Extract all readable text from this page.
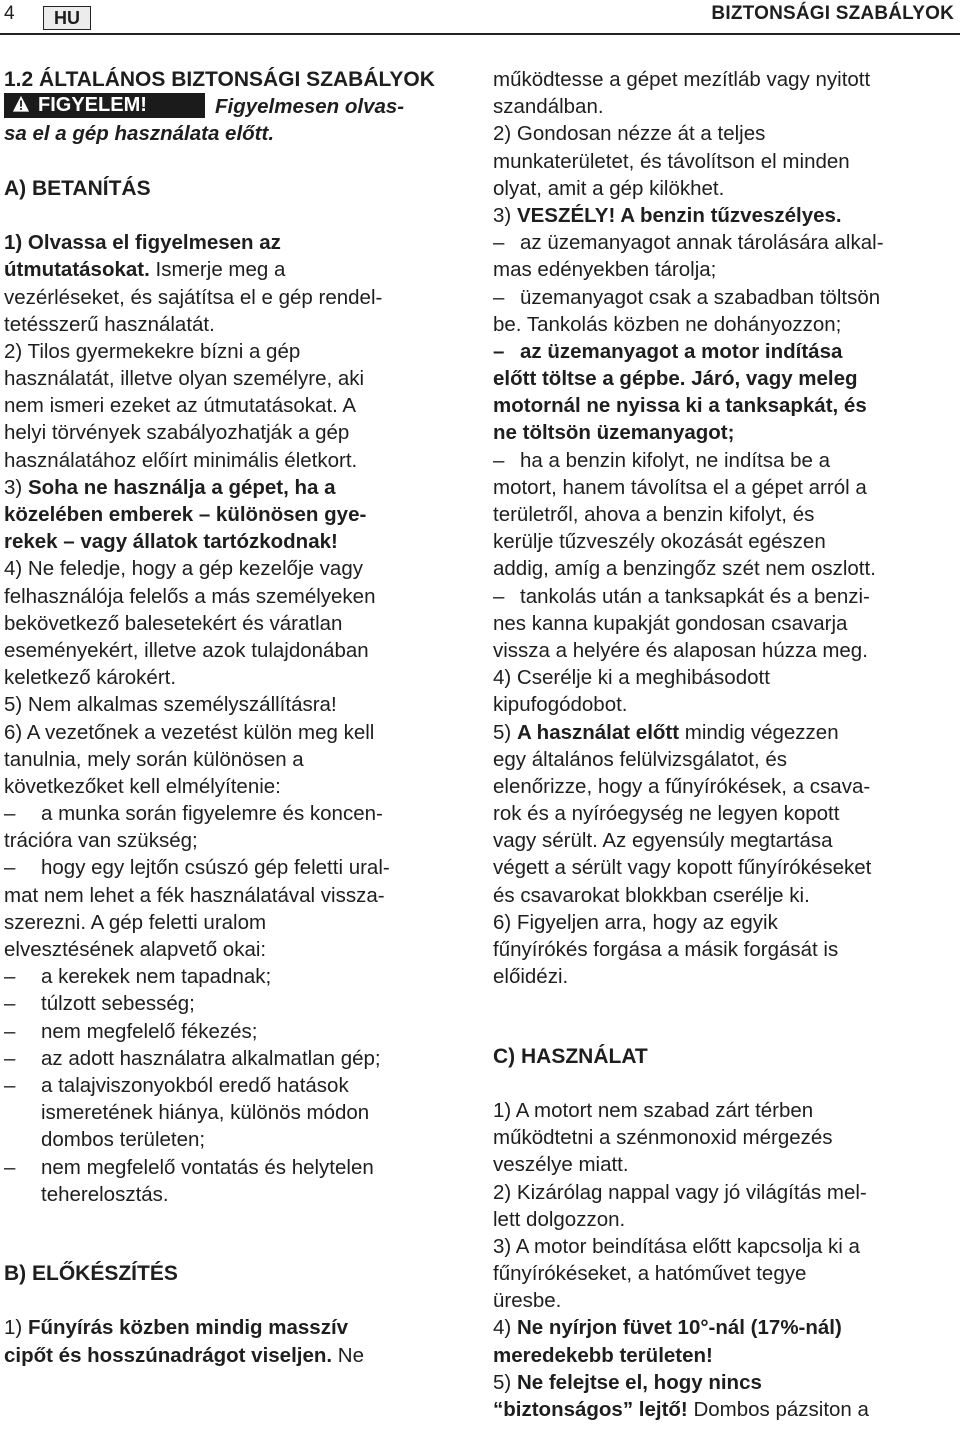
4	HU	BIZTONSÁGI SZABÁLYOK
1.2 ÁLTALÁNOS BIZTONSÁGI SZABÁLYOK
FIGYELEM!	Figyelmesen olvas-
sa el a gép használata előtt.
A) BETANÍTÁS
1) Olvassa el figyelmesen az
útmutatásokat. Ismerje meg a
vezérléseket, és sajátítsa el e gép rendel-
tetésszerű használatát.
2) Tilos gyermekekre bízni a gép
használatát, illetve olyan személyre, aki
nem ismeri ezeket az útmutatásokat. A
helyi törvények szabályozhatják a gép
használatához előírt minimális életkort.
3) Soha ne használja a gépet, ha a
közelében emberek – különösen gye-
rekek – vagy állatok tartózkodnak!
4) Ne feledje, hogy a gép kezelője vagy
felhasználója felelős a más személyeken
bekövetkező balesetekért és váratlan
eseményekért, illetve azok tulajdonában
keletkező károkért.
5) Nem alkalmas személyszállításra!
6) A vezetőnek a vezetést külön meg kell
tanulnia, mely során különösen a
következőket kell elmélyítenie:
– a munka során figyelemre és koncen-
trációra van szükség;
– hogy egy lejtőn csúszó gép feletti ural-
mat nem lehet a fék használatával vissza-
szerezni. A gép feletti uralom
elvesztésének alapvető okai:
– a kerekek nem tapadnak;
– túlzott sebesség;
– nem megfelelő fékezés;
– az adott használatra alkalmatlan gép;
– a talajviszonyokból eredő hatások
ismeretének hiánya, különös módon
dombos területen;
– nem megfelelő vontatás és helytelen
teherelosztás.
B) ELŐKÉSZÍTÉS
1) Fűnyírás közben mindig masszív
cipőt és hosszúnadrágot viseljen. Ne
működtesse a gépet mezítláb vagy nyitott
szandálban.
2) Gondosan nézze át a teljes
munkaterületet, és távolítson el minden
olyat, amit a gép kilökhet.
3) VESZÉLY! A benzin tűzveszélyes.
– az üzemanyagot annak tárolására alkal-
mas edényekben tárolja;
– üzemanyagot csak a szabadban töltsön
be. Tankolás közben ne dohányozzon;
– az üzemanyagot a motor indítása
előtt töltse a gépbe. Járó, vagy meleg
motornál ne nyissa ki a tanksapkát, és
ne töltsön üzemanyagot;
– ha a benzin kifolyt, ne indítsa be a
motort, hanem távolítsa el a gépet arról a
területről, ahova a benzin kifolyt, és
kerülje tűzveszély okozását egészen
addig, amíg a benzingőz szét nem oszlott.
– tankolás után a tanksapkát és a benzi-
nes kanna kupakját gondosan csavarja
vissza a helyére és alaposan húzza meg.
4) Cserélje ki a meghibásodott
kipufogódobot.
5) A használat előtt mindig végezzen
egy általános felülvizsgálatot, és
elenőrizze, hogy a fűnyírókések, a csava-
rok és a nyíróegység ne legyen kopott
vagy sérült. Az egyensúly megtartása
végett a sérült vagy kopott fűnyírókéseket
és csavarokat blokkban cserélje ki.
6) Figyeljen arra, hogy az egyik
fűnyírókés forgása a másik forgását is
előidézi.
C) HASZNÁLAT
1) A motort nem szabad zárt térben
működtetni a szénmonoxid mérgezés
veszélye miatt.
2) Kizárólag nappal vagy jó világítás mel-
lett dolgozzon.
3) A motor beindítása előtt kapcsolja ki a
fűnyírókéseket, a hatóművet tegye
üresbe.
4) Ne nyírjon füvet 10°-nál (17%-nál)
meredekebb területen!
5) Ne felejtse el, hogy nincs
“biztonságos” lejtő! Dombos pázsiton a
